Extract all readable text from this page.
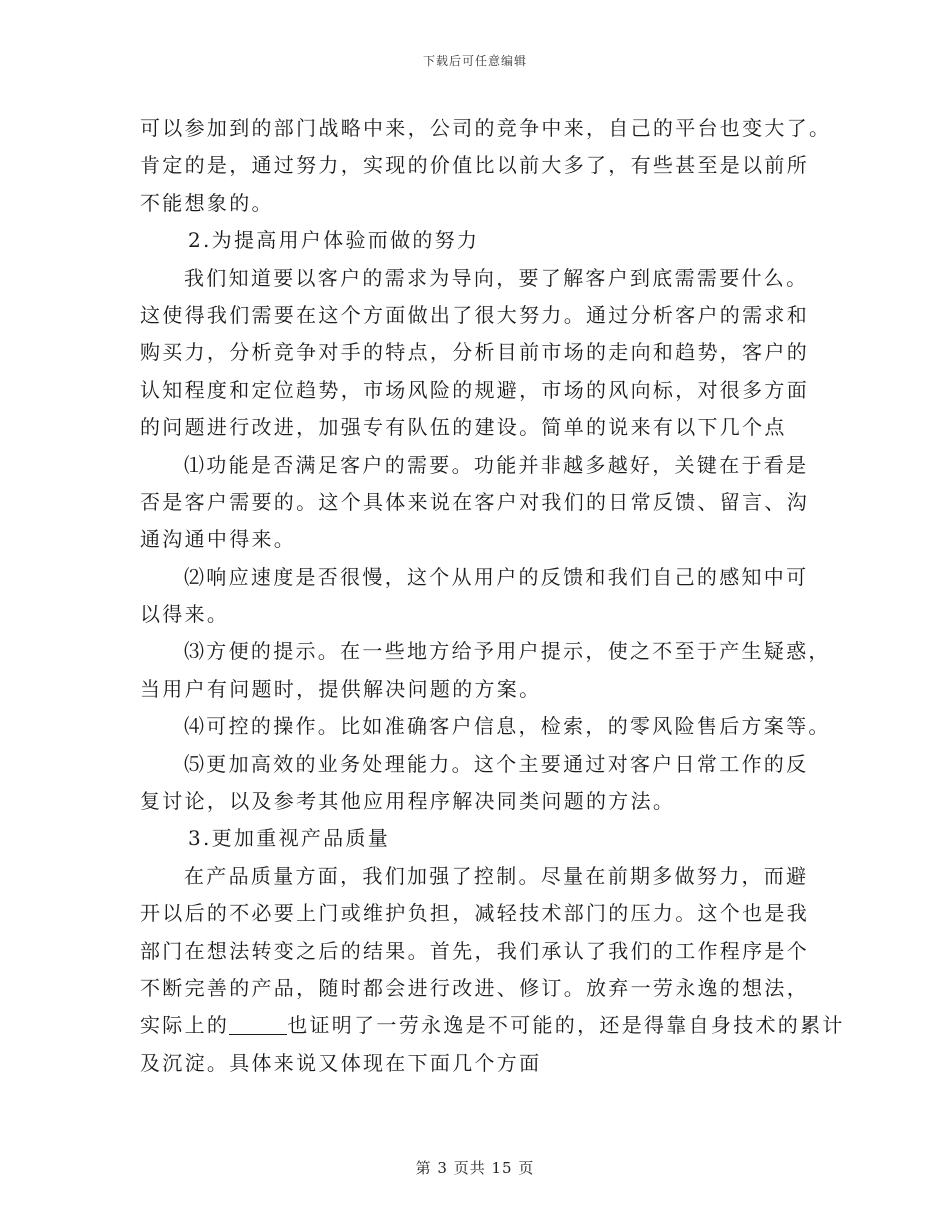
下载后可任意编辑
可以参加到的部门战略中来，公司的竞争中来，自己的平台也变大了。
肯定的是，通过努力，实现的价值比以前大多了，有些甚至是以前所
不能想象的。
2.为提高用户体验而做的努力
我们知道要以客户的需求为导向，要了解客户到底需需要什么。
这使得我们需要在这个方面做出了很大努力。通过分析客户的需求和
购买力，分析竞争对手的特点，分析目前市场的走向和趋势，客户的
认知程度和定位趋势，市场风险的规避，市场的风向标，对很多方面
的问题进行改进，加强专有队伍的建设。简单的说来有以下几个点
⑴功能是否满足客户的需要。功能并非越多越好，关键在于看是
否是客户需要的。这个具体来说在客户对我们的日常反馈、留言、沟
通沟通中得来。
⑵响应速度是否很慢，这个从用户的反馈和我们自己的感知中可
以得来。
⑶方便的提示。在一些地方给予用户提示，使之不至于产生疑惑，
当用户有问题时，提供解决问题的方案。
⑷可控的操作。比如准确客户信息，检索，的零风险售后方案等。
⑸更加高效的业务处理能力。这个主要通过对客户日常工作的反
复讨论，以及参考其他应用程序解决同类问题的方法。
3.更加重视产品质量
在产品质量方面，我们加强了控制。尽量在前期多做努力，而避
开以后的不必要上门或维护负担，减轻技术部门的压力。这个也是我
部门在想法转变之后的结果。首先，我们承认了我们的工作程序是个
不断完善的产品，随时都会进行改进、修订。放弃一劳永逸的想法，
实际上的	也证明了一劳永逸是不可能的，还是得靠自身技术的累计
及沉淀。具体来说又体现在下面几个方面
第 3 页共 15 页
